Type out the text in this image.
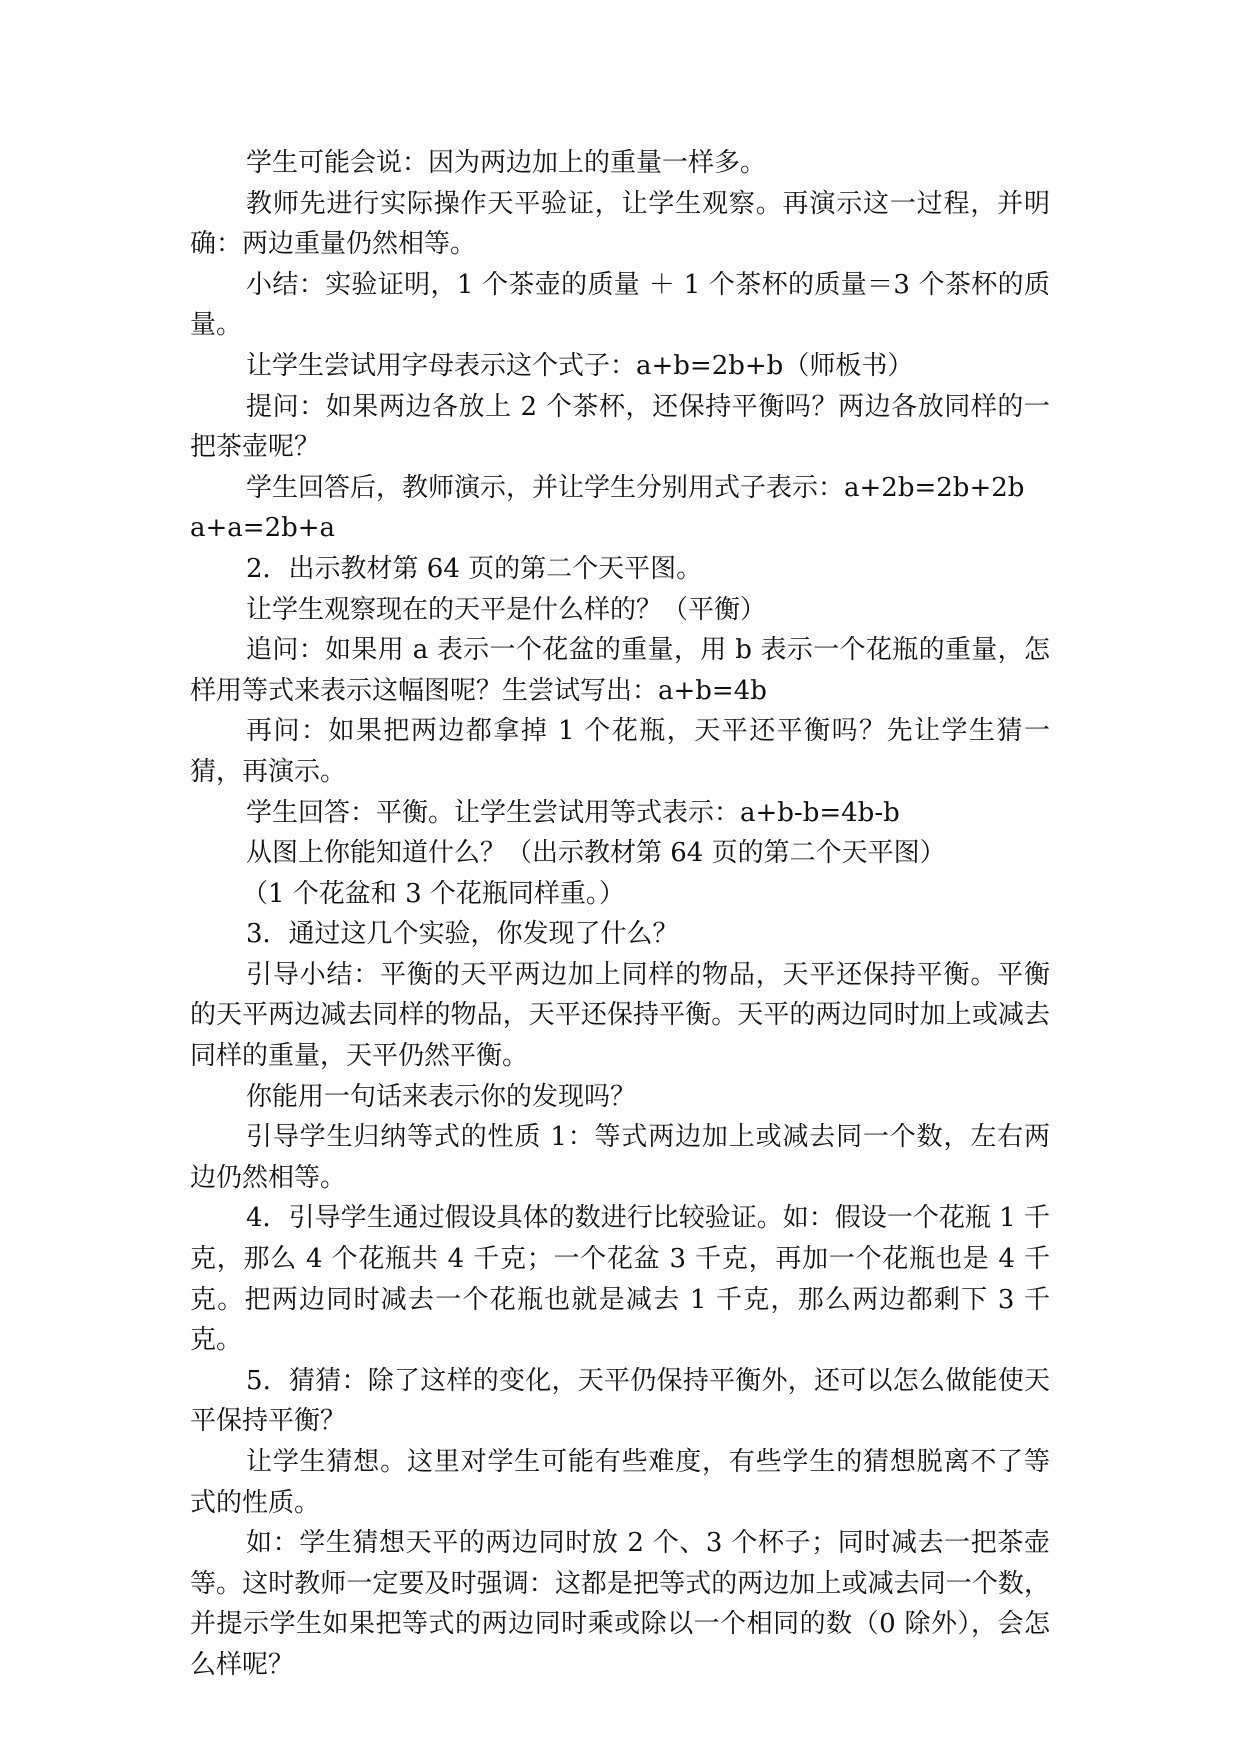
学生可能会说：因为两边加上的重量一样多。

教师先进行实际操作天平验证，让学生观察。再演示这一过程，并明确：两边重量仍然相等。

小结：实验证明，1 个茶壶的质量 ＋ 1 个茶杯的质量＝3 个茶杯的质量。

让学生尝试用字母表示这个式子：a+b=2b+b（师板书）

提问：如果两边各放上 2 个茶杯，还保持平衡吗？两边各放同样的一把茶壶呢？

学生回答后，教师演示，并让学生分别用式子表示：a+2b=2b+2b

a+a=2b+a

2．出示教材第 64 页的第二个天平图。

让学生观察现在的天平是什么样的？（平衡）

追问：如果用 a 表示一个花盆的重量，用 b 表示一个花瓶的重量，怎样用等式来表示这幅图呢？生尝试写出：a+b=4b

再问：如果把两边都拿掉 1 个花瓶，天平还平衡吗？先让学生猜一猜，再演示。

学生回答：平衡。让学生尝试用等式表示：a+b-b=4b-b

从图上你能知道什么？（出示教材第 64 页的第二个天平图）

（1 个花盆和 3 个花瓶同样重。）

3．通过这几个实验，你发现了什么？

引导小结：平衡的天平两边加上同样的物品，天平还保持平衡。平衡的天平两边减去同样的物品，天平还保持平衡。天平的两边同时加上或减去同样的重量，天平仍然平衡。

你能用一句话来表示你的发现吗？

引导学生归纳等式的性质 1：等式两边加上或减去同一个数，左右两边仍然相等。

4．引导学生通过假设具体的数进行比较验证。如：假设一个花瓶 1 千克，那么 4 个花瓶共 4 千克；一个花盆 3 千克，再加一个花瓶也是 4 千克。把两边同时减去一个花瓶也就是减去 1 千克，那么两边都剩下 3 千克。

5．猜猜：除了这样的变化，天平仍保持平衡外，还可以怎么做能使天平保持平衡？

让学生猜想。这里对学生可能有些难度，有些学生的猜想脱离不了等式的性质。

如：学生猜想天平的两边同时放 2 个、3 个杯子；同时减去一把茶壶等。这时教师一定要及时强调：这都是把等式的两边加上或减去同一个数，并提示学生如果把等式的两边同时乘或除以一个相同的数（0 除外），会怎么样呢？
